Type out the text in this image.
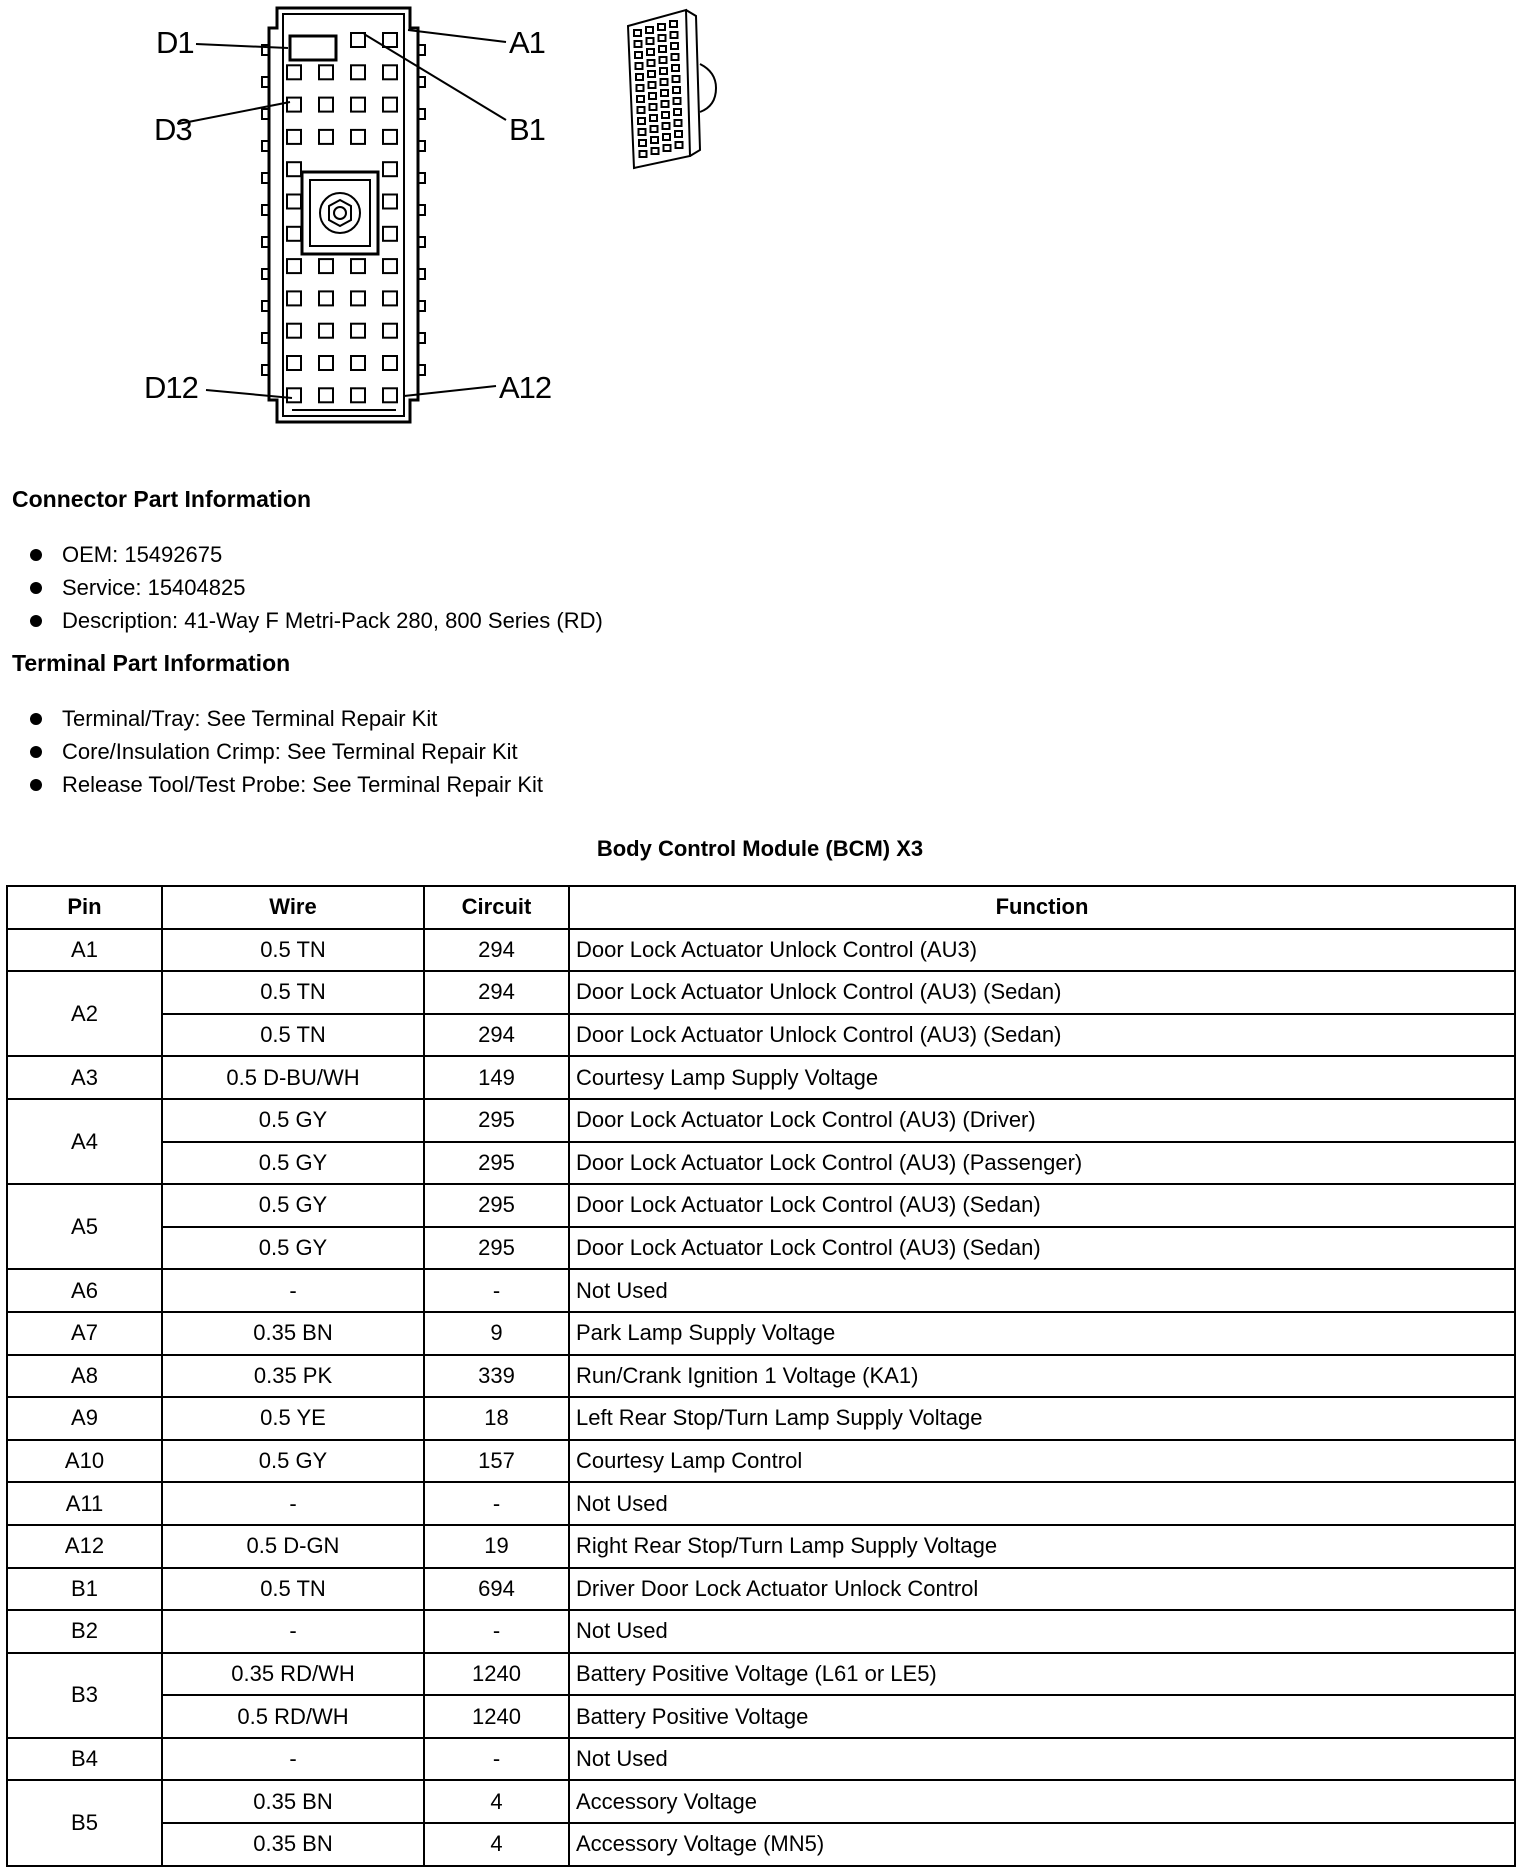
D1
D3
D12
A1
B1
A12
Connector Part Information
OEM: 15492675
Service: 15404825
Description: 41-Way F Metri-Pack 280, 800 Series (RD)
Terminal Part Information
Terminal/Tray: See Terminal Repair Kit
Core/Insulation Crimp: See Terminal Repair Kit
Release Tool/Test Probe: See Terminal Repair Kit
Body Control Module (BCM) X3
Pin	Wire	Circuit	Function
A1	0.5 TN	294	Door Lock Actuator Unlock Control (AU3)
A2	0.5 TN	294	Door Lock Actuator Unlock Control (AU3) (Sedan)
	0.5 TN	294	Door Lock Actuator Unlock Control (AU3) (Sedan)
A3	0.5 D-BU/WH	149	Courtesy Lamp Supply Voltage
A4	0.5 GY	295	Door Lock Actuator Lock Control (AU3) (Driver)
	0.5 GY	295	Door Lock Actuator Lock Control (AU3) (Passenger)
A5	0.5 GY	295	Door Lock Actuator Lock Control (AU3) (Sedan)
	0.5 GY	295	Door Lock Actuator Lock Control (AU3) (Sedan)
A6	-	-	Not Used
A7	0.35 BN	9	Park Lamp Supply Voltage
A8	0.35 PK	339	Run/Crank Ignition 1 Voltage (KA1)
A9	0.5 YE	18	Left Rear Stop/Turn Lamp Supply Voltage
A10	0.5 GY	157	Courtesy Lamp Control
A11	-	-	Not Used
A12	0.5 D-GN	19	Right Rear Stop/Turn Lamp Supply Voltage
B1	0.5 TN	694	Driver Door Lock Actuator Unlock Control
B2	-	-	Not Used
B3	0.35 RD/WH	1240	Battery Positive Voltage (L61 or LE5)
	0.5 RD/WH	1240	Battery Positive Voltage
B4	-	-	Not Used
B5	0.35 BN	4	Accessory Voltage
	0.35 BN	4	Accessory Voltage (MN5)
